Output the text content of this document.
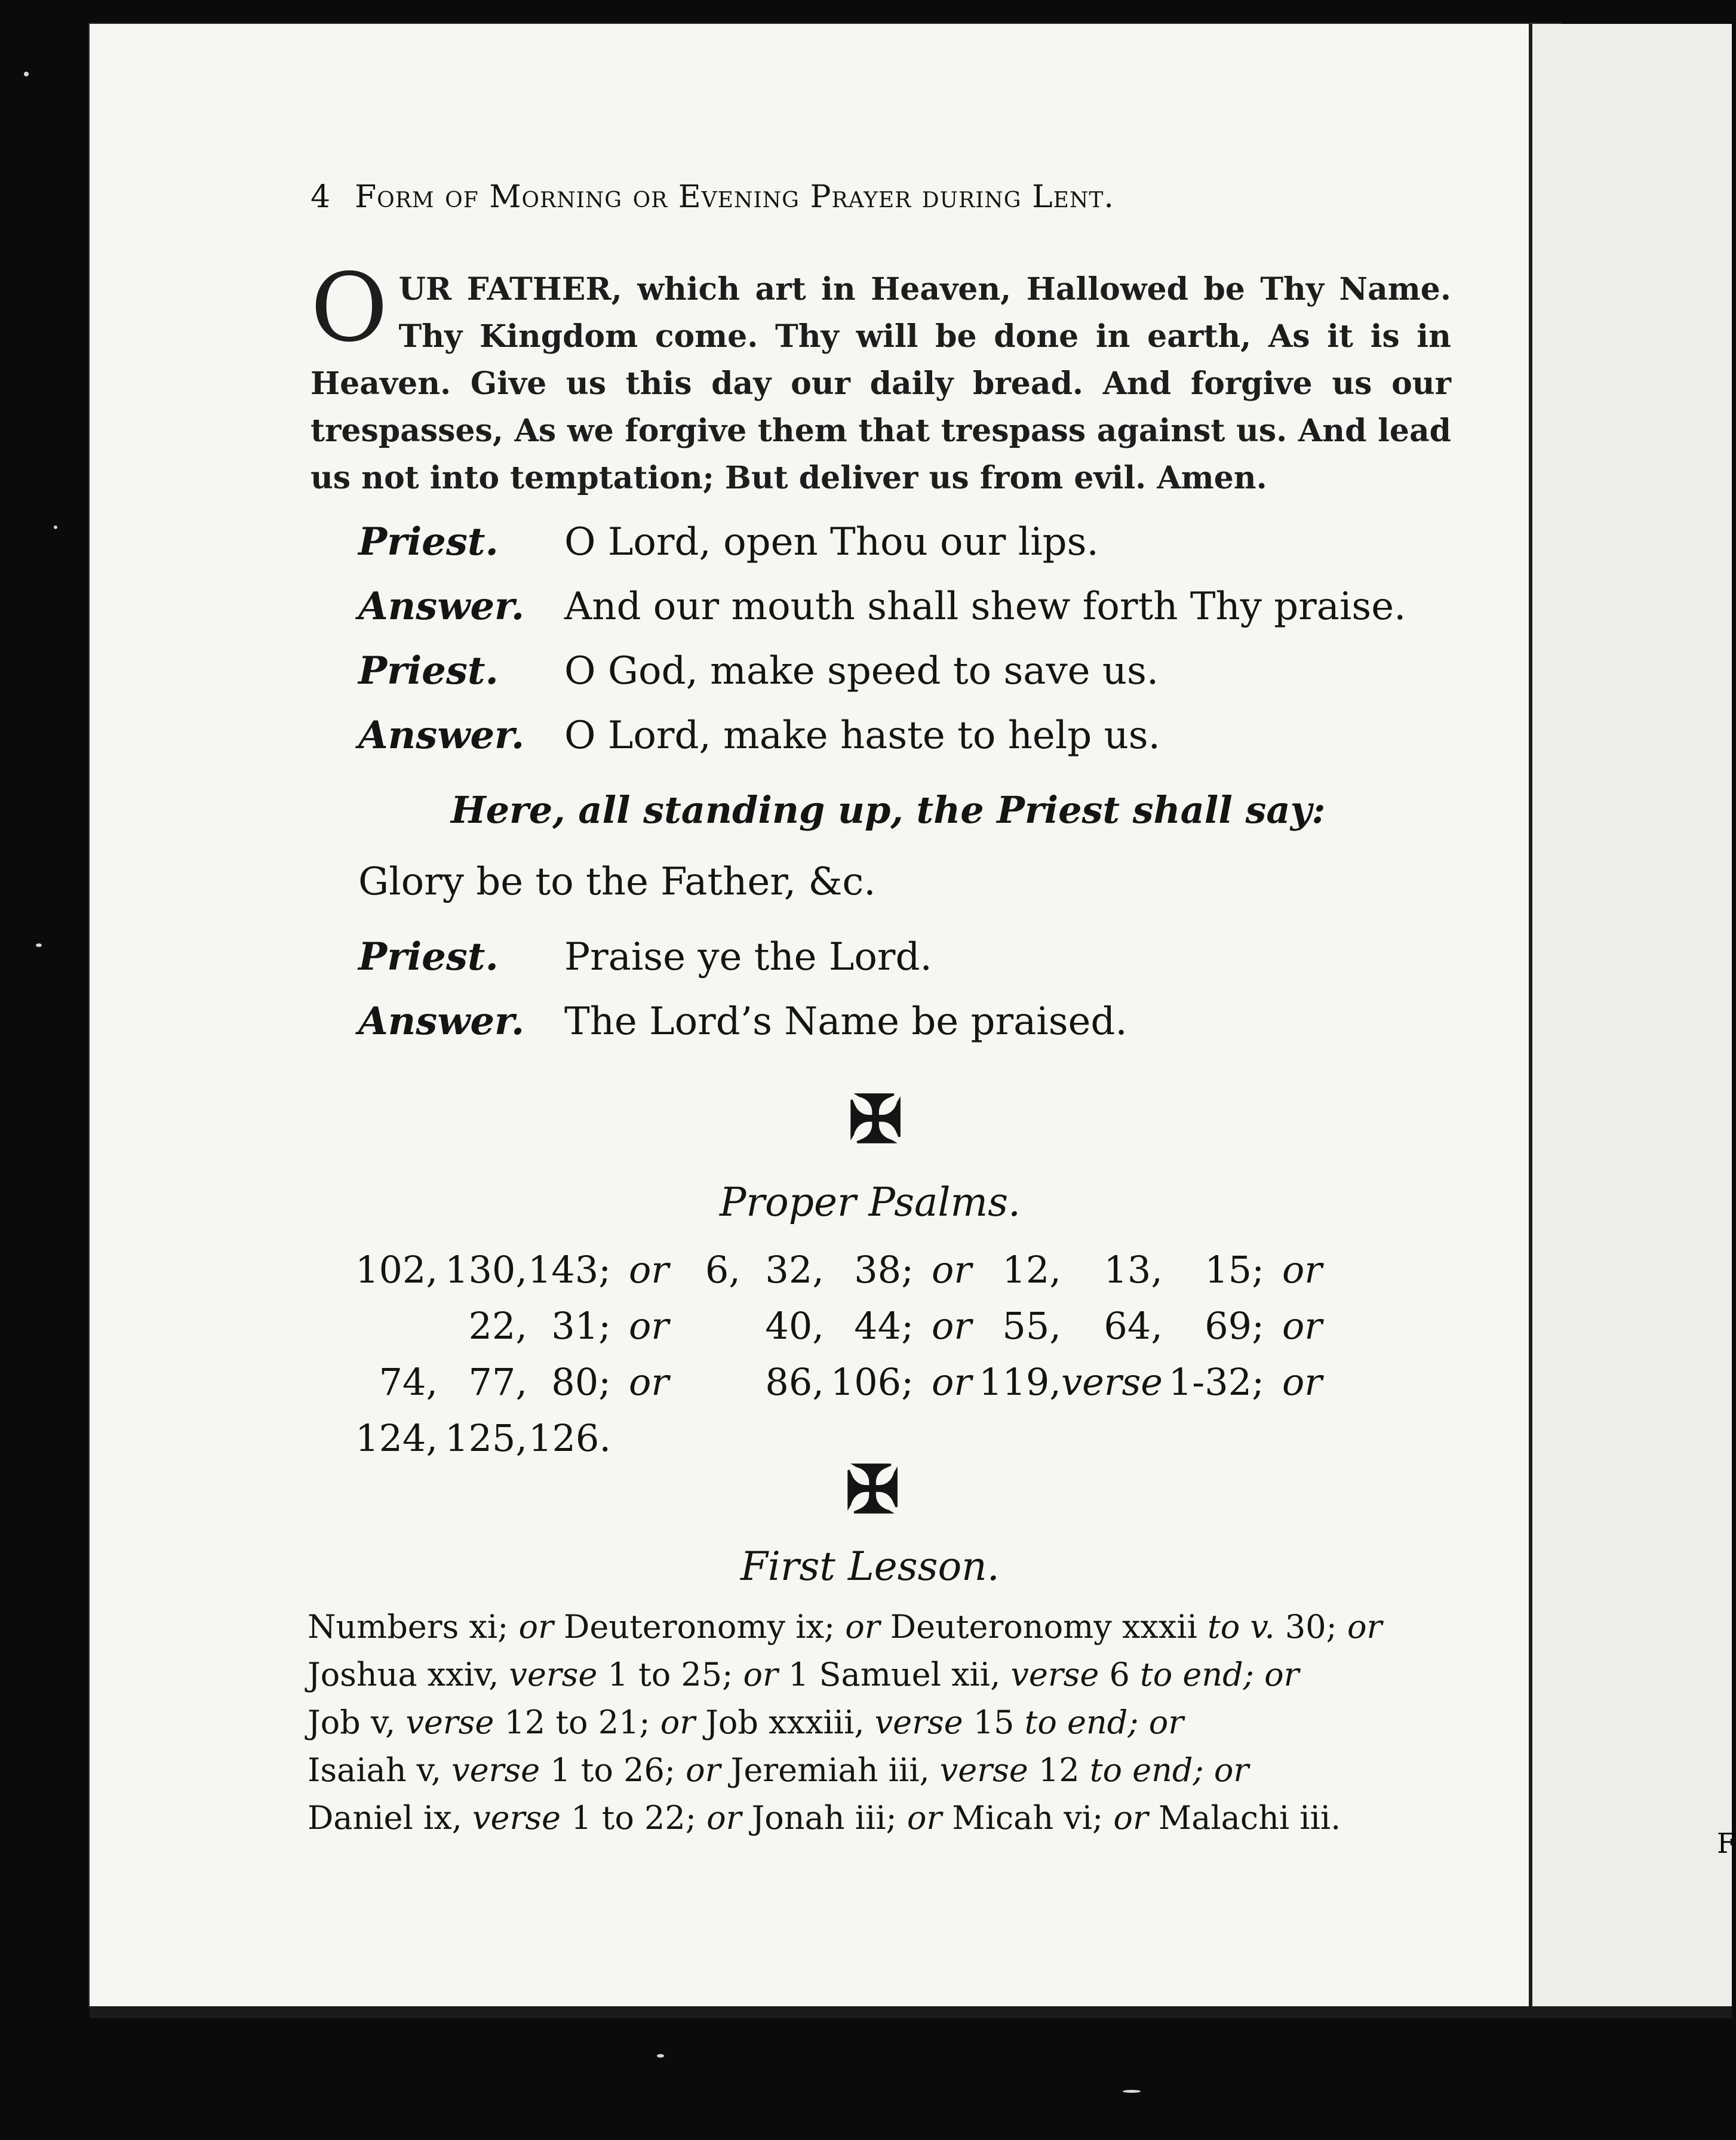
F
4 Form of Morning or Evening Prayer during Lent.
OUR FATHER, which art in Heaven, Hallowed be Thy Name. Thy Kingdom come. Thy will be done in earth, As it is in Heaven. Give us this day our daily bread. And forgive us our trespasses, As we forgive them that trespass against us. And lead us not into temptation; But deliver us from evil. Amen.
Priest. O Lord, open Thou our lips.
Answer. And our mouth shall shew forth Thy praise.
Priest. O God, make speed to save us.
Answer. O Lord, make haste to help us.
Here, all standing up, the Priest shall say:
Glory be to the Father, &c.
Priest. Praise ye the Lord.
Answer. The Lord’s Name be praised.
✠
Proper Psalms.
102,	130,	143;	or	6,	32,	38;	or	12,	13,	15;	or
	22,	31;	or		40,	44;	or	55,	64,	69;	or
74,	77,	80;	or		86,	106;	or	119,	verse	1-32;	or
124,	125,	126.									
✠
First Lesson.
Numbers xi; or Deuteronomy ix; or Deuteronomy xxxii to v. 30; or
Joshua xxiv, verse 1 to 25; or 1 Samuel xii, verse 6 to end; or
Job v, verse 12 to 21; or Job xxxiii, verse 15 to end; or
Isaiah v, verse 1 to 26; or Jeremiah iii, verse 12 to end; or
Daniel ix, verse 1 to 22; or Jonah iii; or Micah vi; or Malachi iii.
